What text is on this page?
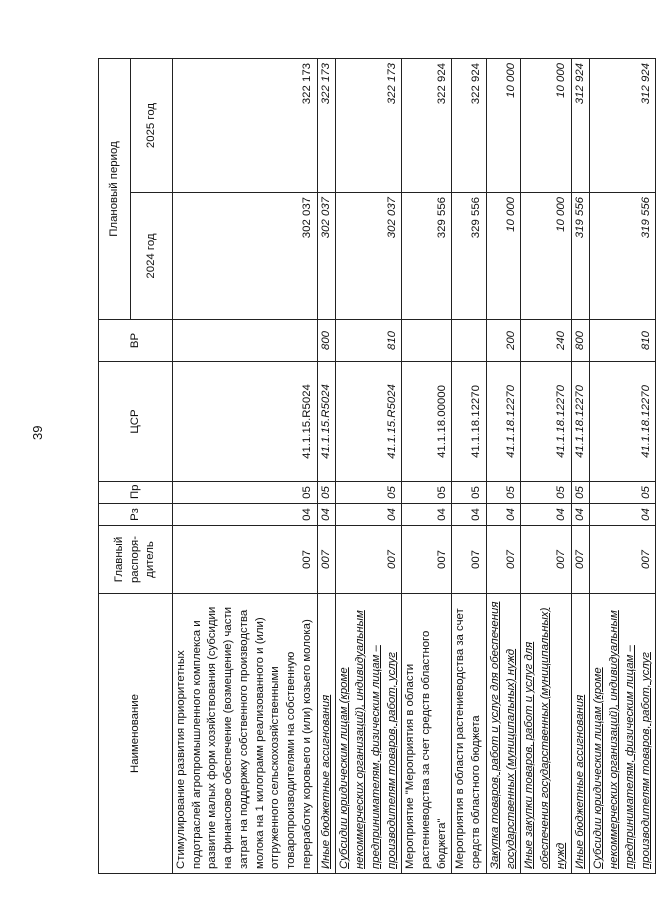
39
Наименование	Главный распоря-дитель	Рз	Пр	ЦСР	ВР	Плановый период	
						2024 год	2025 год
Стимулирование развития приоритетных подотраслей агропромышленного комплекса и развитие малых форм хозяйствования (субсидии на финансовое обеспечение (возмещение) части затрат на поддержку собственного производства молока на 1 килограмм реализованного и (или) отгруженного сельскохозяйственными товаропроизводителями на собственную переработку коровьего и (или) козьего молока)	007	04	05	41.1.15.R5024		302 037	322 173
Иные бюджетные ассигнования	007	04	05	41.1.15.R5024	800	302 037	322 173
Субсидии юридическим лицам (кроме некоммерческих организаций), индивидуальным предпринимателям, физическим лицам – производителям товаров, работ, услуг	007	04	05	41.1.15.R5024	810	302 037	322 173
Мероприятие "Мероприятия в области растениеводства за счет средств областного бюджета"	007	04	05	41.1.18.00000		329 556	322 924
Мероприятия в области растениеводства за счет средств областного бюджета	007	04	05	41.1.18.12270		329 556	322 924
Закупка товаров, работ и услуг для обеспечения государственных (муниципальных) нужд	007	04	05	41.1.18.12270	200	10 000	10 000
Иные закупки товаров, работ и услуг для обеспечения государственных (муниципальных) нужд	007	04	05	41.1.18.12270	240	10 000	10 000
Иные бюджетные ассигнования	007	04	05	41.1.18.12270	800	319 556	312 924
Субсидии юридическим лицам (кроме некоммерческих организаций), индивидуальным предпринимателям, физическим лицам – производителям товаров, работ, услуг	007	04	05	41.1.18.12270	810	319 556	312 924
